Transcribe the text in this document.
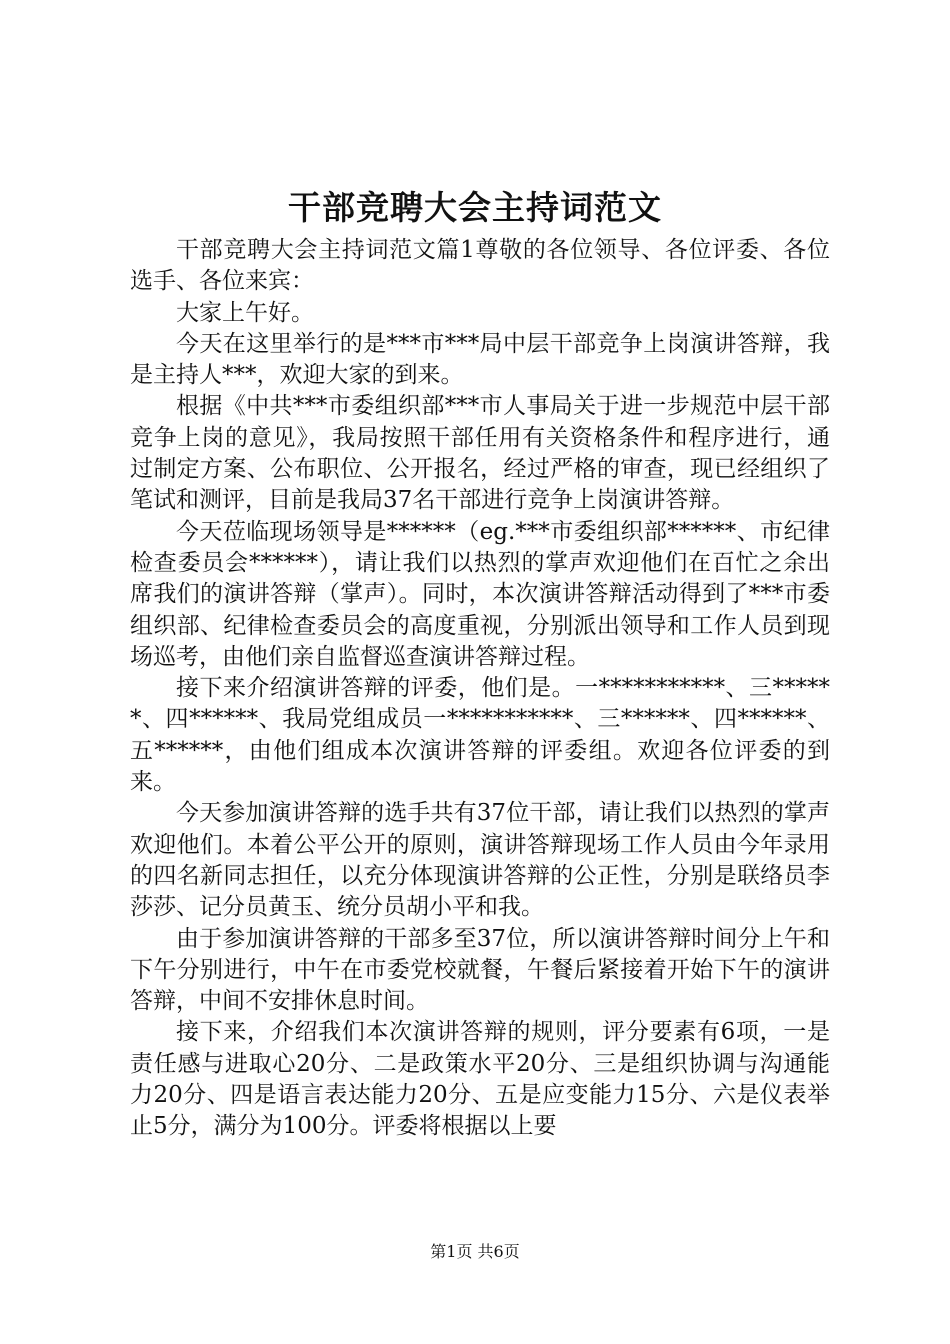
干部竞聘大会主持词范文

干部竞聘大会主持词范文篇1尊敬的各位领导、各位评委、各位选手、各位来宾：

大家上午好。

今天在这里举行的是***市***局中层干部竞争上岗演讲答辩，我是主持人***，欢迎大家的到来。

根据《中共***市委组织部***市人事局关于进一步规范中层干部竞争上岗的意见》，我局按照干部任用有关资格条件和程序进行，通过制定方案、公布职位、公开报名，经过严格的审查，现已经组织了笔试和测评，目前是我局37名干部进行竞争上岗演讲答辩。

今天莅临现场领导是******（eg.***市委组织部******、市纪律检查委员会******），请让我们以热烈的掌声欢迎他们在百忙之余出席我们的演讲答辩（掌声）。同时，本次演讲答辩活动得到了***市委组织部、纪律检查委员会的高度重视，分别派出领导和工作人员到现场巡考，由他们亲自监督巡查演讲答辩过程。

接下来介绍演讲答辩的评委，他们是。一***********、三******、四******、我局党组成员一***********、三******、四******、五******，由他们组成本次演讲答辩的评委组。欢迎各位评委的到来。

今天参加演讲答辩的选手共有37位干部，请让我们以热烈的掌声欢迎他们。本着公平公开的原则，演讲答辩现场工作人员由今年录用的四名新同志担任，以充分体现演讲答辩的公正性，分别是联络员李莎莎、记分员黄玉、统分员胡小平和我。

由于参加演讲答辩的干部多至37位，所以演讲答辩时间分上午和下午分别进行，中午在市委党校就餐，午餐后紧接着开始下午的演讲答辩，中间不安排休息时间。

接下来，介绍我们本次演讲答辩的规则，评分要素有6项，一是责任感与进取心20分、二是政策水平20分、三是组织协调与沟通能力20分、四是语言表达能力20分、五是应变能力15分、六是仪表举止5分，满分为100分。评委将根据以上要

第1页 共6页
